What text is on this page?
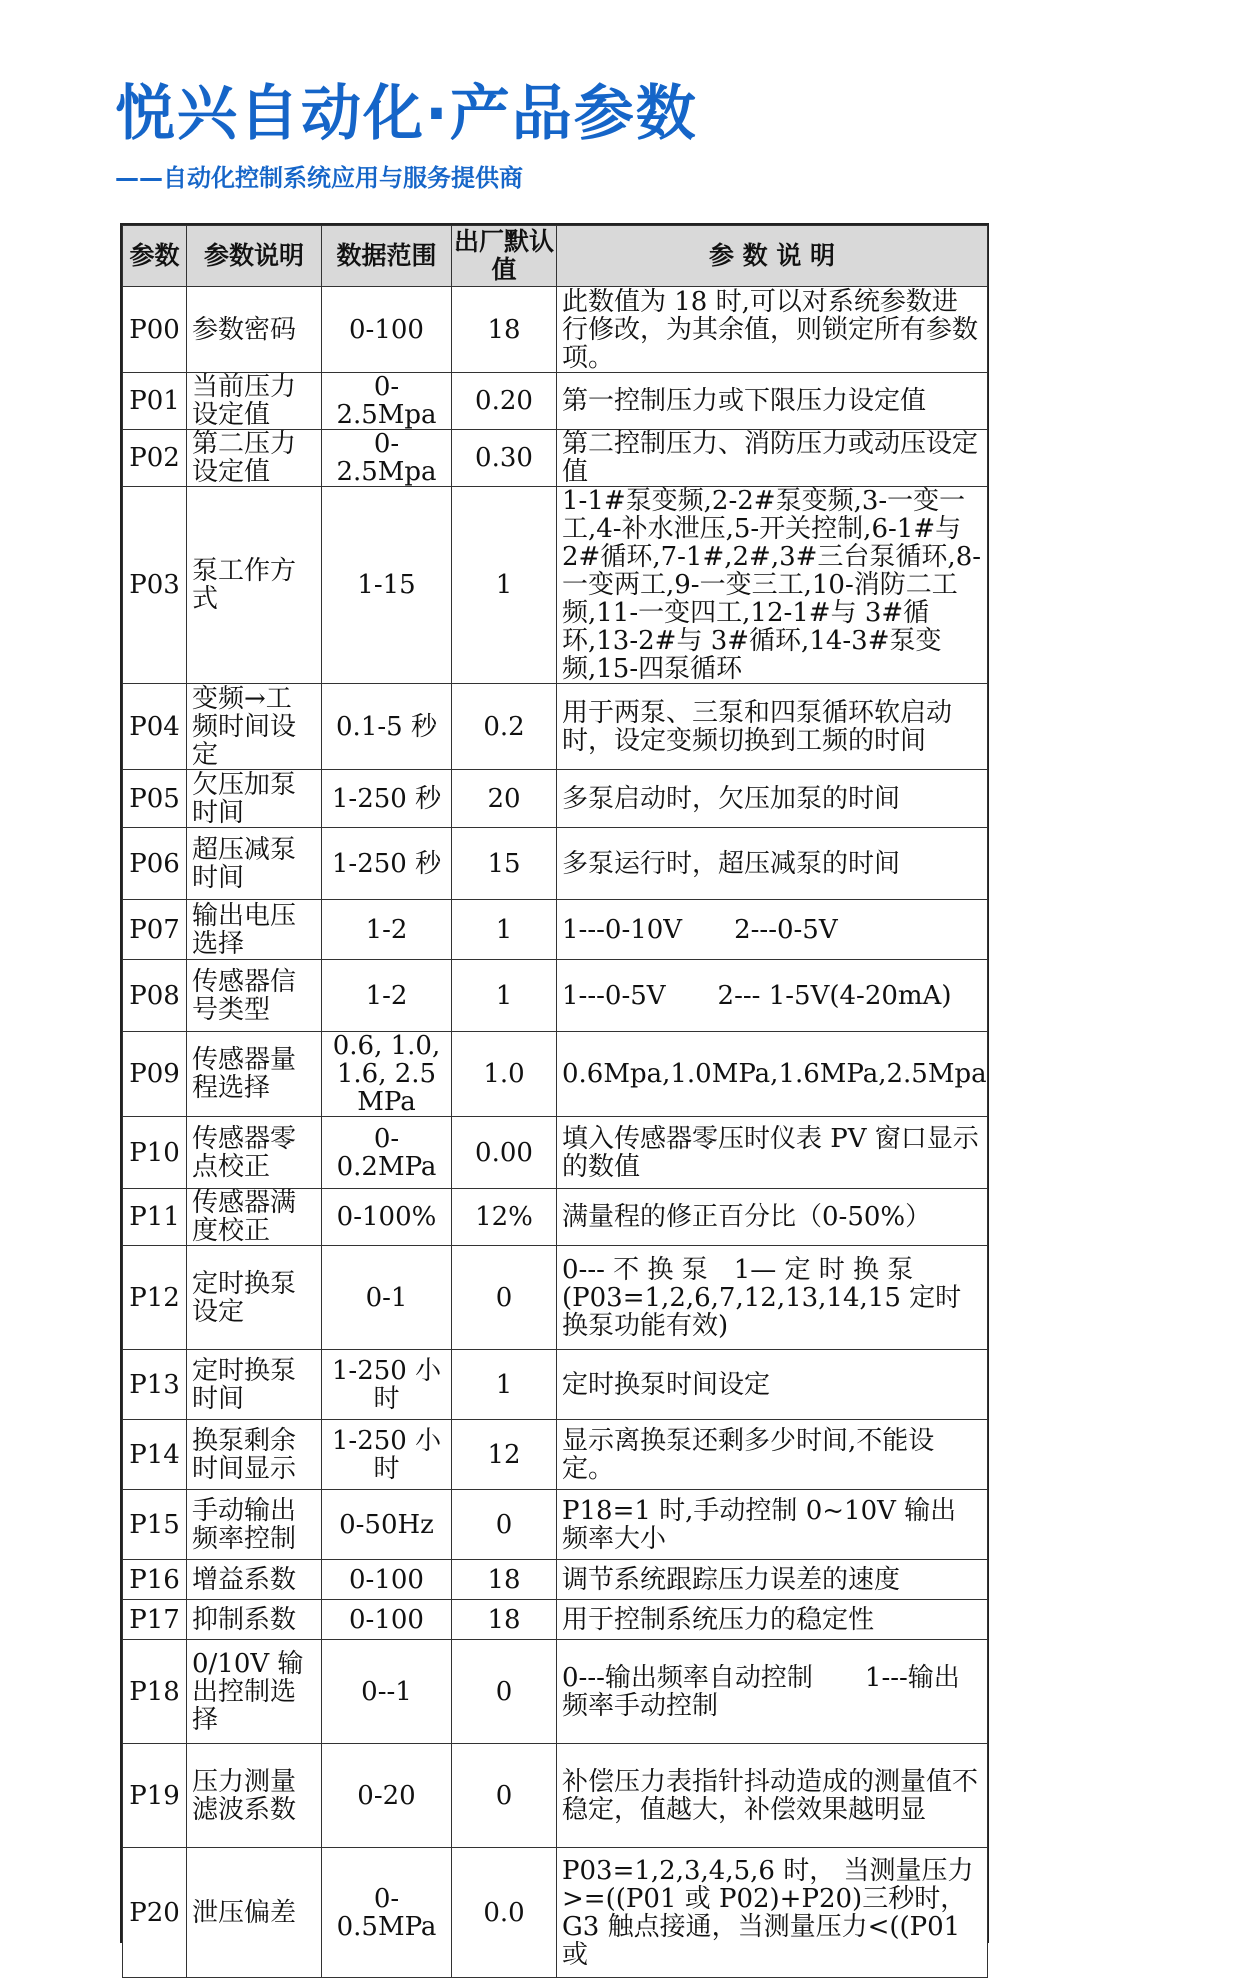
悦兴自动化·产品参数
——自动化控制系统应用与服务提供商
参数	参数说明	数据范围	出厂默认值	参 数 说 明
P00	参数密码	0-100	18	此数值为 18 时,可以对系统参数进行修改，为其余值，则锁定所有参数项。
P01	当前压力设定值	0-2.5Mpa	0.20	第一控制压力或下限压力设定值
P02	第二压力设定值	0-2.5Mpa	0.30	第二控制压力、消防压力或动压设定值
P03	泵工作方式	1-15	1	1-1#泵变频,2-2#泵变频,3-一变一工,4-补水泄压,5-开关控制,6-1#与2#循环,7-1#,2#,3#三台泵循环,8-一变两工,9-一变三工,10-消防二工频,11-一变四工,12-1#与 3#循环,13-2#与 3#循环,14-3#泵变频,15-四泵循环
P04	变频→工频时间设定	0.1-5 秒	0.2	用于两泵、三泵和四泵循环软启动时，设定变频切换到工频的时间
P05	欠压加泵时间	1-250 秒	20	多泵启动时，欠压加泵的时间
P06	超压减泵时间	1-250 秒	15	多泵运行时，超压减泵的时间
P07	输出电压选择	1-2	1	1---0-10V　　2---0-5V
P08	传感器信号类型	1-2	1	1---0-5V　　2--- 1-5V(4-20mA)
P09	传感器量程选择	0.6, 1.0, 1.6, 2.5 MPa	1.0	0.6Mpa,1.0MPa,1.6MPa,2.5Mpa
P10	传感器零点校正	0-0.2MPa	0.00	填入传感器零压时仪表 PV 窗口显示的数值
P11	传感器满度校正	0-100%	12%	满量程的修正百分比（0-50%）
P12	定时换泵设定	0-1	0	0--- 不 换 泵　1— 定 时 换 泵(P03=1,2,6,7,12,13,14,15 定时换泵功能有效)
P13	定时换泵时间	1-250 小时	1	定时换泵时间设定
P14	换泵剩余时间显示	1-250 小时	12	显示离换泵还剩多少时间,不能设定。
P15	手动输出频率控制	0-50Hz	0	P18=1 时,手动控制 0~10V 输出频率大小
P16	增益系数	0-100	18	调节系统跟踪压力误差的速度
P17	抑制系数	0-100	18	用于控制系统压力的稳定性
P18	0/10V 输出控制选择	0--1	0	0---输出频率自动控制　　1---输出频率手动控制
P19	压力测量滤波系数	0-20	0	补偿压力表指针抖动造成的测量值不稳定，值越大，补偿效果越明显
P20	泄压偏差	0-0.5MPa	0.0	P03=1,2,3,4,5,6 时， 当测量压力>=((P01 或 P02)+P20)三秒时，G3 触点接通，当测量压力<((P01 或
